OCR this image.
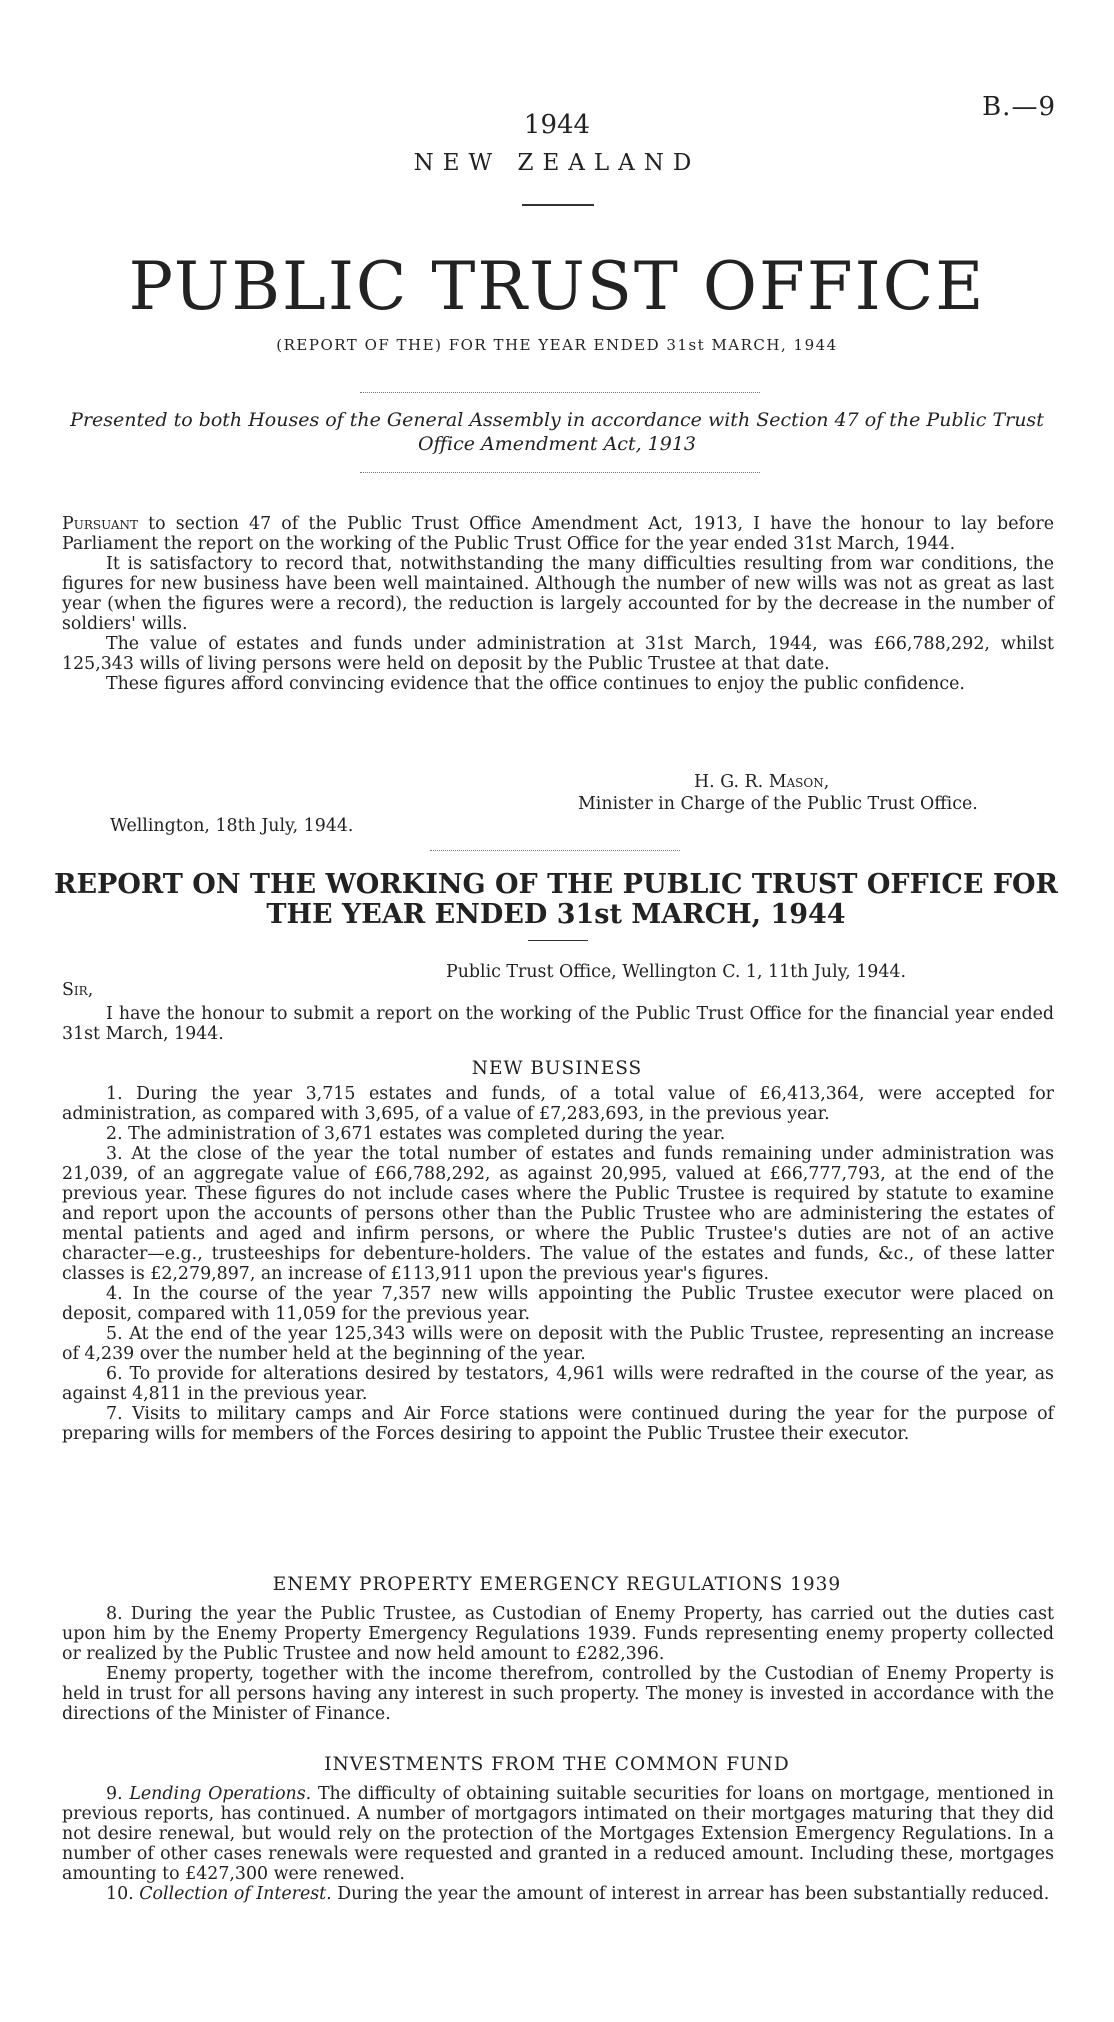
B.—9
1944
NEW ZEALAND
PUBLIC TRUST OFFICE
(REPORT OF THE) FOR THE YEAR ENDED 31st MARCH, 1944
Presented to both Houses of the General Assembly in accordance with Section 47 of the Public Trust Office Amendment Act, 1913

Pursuant to section 47 of the Public Trust Office Amendment Act, 1913, I have the honour to lay before Parliament the report on the working of the Public Trust Office for the year ended 31st March, 1944.

It is satisfactory to record that, notwithstanding the many difficulties resulting from war conditions, the figures for new business have been well maintained. Although the number of new wills was not as great as last year (when the figures were a record), the reduction is largely accounted for by the decrease in the number of soldiers' wills.

The value of estates and funds under administration at 31st March, 1944, was £66,788,292, whilst 125,343 wills of living persons were held on deposit by the Public Trustee at that date.

These figures afford convincing evidence that the office continues to enjoy the public confidence.

H. G. R. Mason,
Minister in Charge of the Public Trust Office.
Wellington, 18th July, 1944.
REPORT ON THE WORKING OF THE PUBLIC TRUST OFFICE FOR THE YEAR ENDED 31st MARCH, 1944
Public Trust Office, Wellington C. 1, 11th July, 1944.
Sir,
I have the honour to submit a report on the working of the Public Trust Office for the financial year ended 31st March, 1944.
NEW BUSINESS

1. During the year 3,715 estates and funds, of a total value of £6,413,364, were accepted for administration, as compared with 3,695, of a value of £7,283,693, in the previous year.

2. The administration of 3,671 estates was completed during the year.

3. At the close of the year the total number of estates and funds remaining under administration was 21,039, of an aggregate value of £66,788,292, as against 20,995, valued at £66,777,793, at the end of the previous year. These figures do not include cases where the Public Trustee is required by statute to examine and report upon the accounts of persons other than the Public Trustee who are administering the estates of mental patients and aged and infirm persons, or where the Public Trustee's duties are not of an active character—e.g., trusteeships for debenture-holders. The value of the estates and funds, &c., of these latter classes is £2,279,897, an increase of £113,911 upon the previous year's figures.

4. In the course of the year 7,357 new wills appointing the Public Trustee executor were placed on deposit, compared with 11,059 for the previous year.

5. At the end of the year 125,343 wills were on deposit with the Public Trustee, representing an increase of 4,239 over the number held at the beginning of the year.

6. To provide for alterations desired by testators, 4,961 wills were redrafted in the course of the year, as against 4,811 in the previous year.

7. Visits to military camps and Air Force stations were continued during the year for the purpose of preparing wills for members of the Forces desiring to appoint the Public Trustee their executor.

ENEMY PROPERTY EMERGENCY REGULATIONS 1939

8. During the year the Public Trustee, as Custodian of Enemy Property, has carried out the duties cast upon him by the Enemy Property Emergency Regulations 1939. Funds representing enemy property collected or realized by the Public Trustee and now held amount to £282,396.

Enemy property, together with the income therefrom, controlled by the Custodian of Enemy Property is held in trust for all persons having any interest in such property. The money is invested in accordance with the directions of the Minister of Finance.

INVESTMENTS FROM THE COMMON FUND

9. Lending Operations. The difficulty of obtaining suitable securities for loans on mortgage, mentioned in previous reports, has continued. A number of mortgagors intimated on their mortgages maturing that they did not desire renewal, but would rely on the protection of the Mortgages Extension Emergency Regulations. In a number of other cases renewals were requested and granted in a reduced amount. Including these, mortgages amounting to £427,300 were renewed.

10. Collection of Interest. During the year the amount of interest in arrear has been substantially reduced.
